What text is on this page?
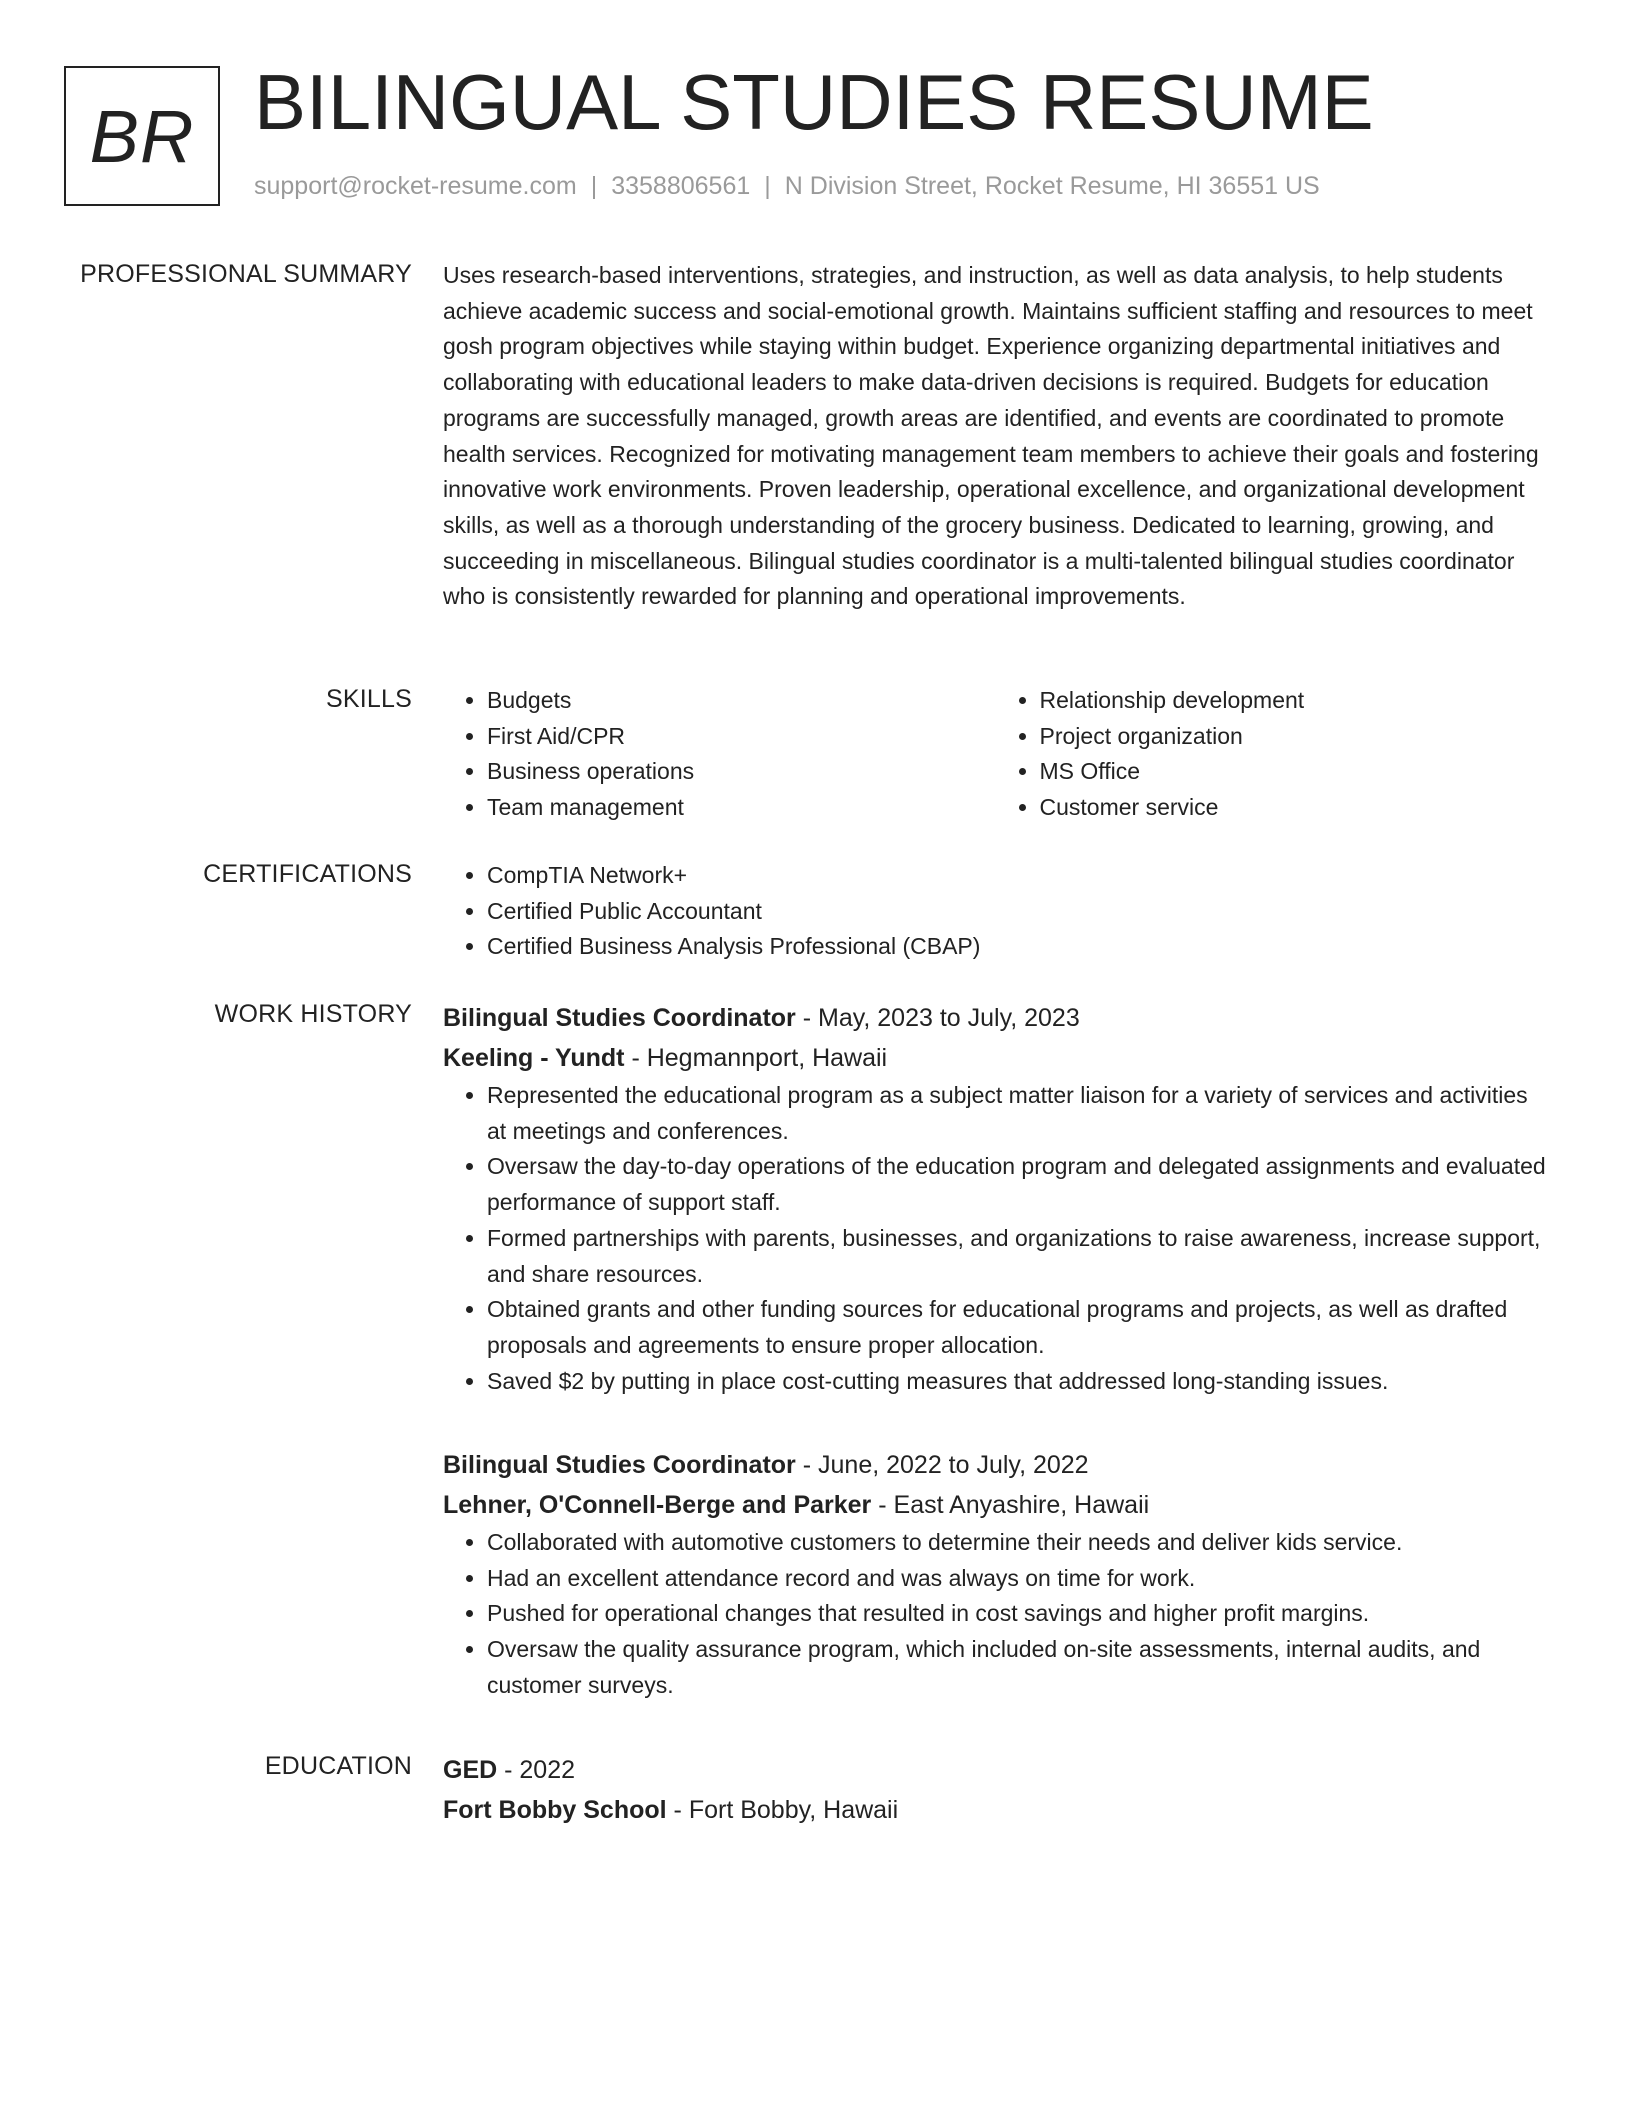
BR BILINGUAL STUDIES RESUME
support@rocket-resume.com | 3358806561 | N Division Street, Rocket Resume, HI 36551 US
PROFESSIONAL SUMMARY Uses research-based interventions, strategies, and instruction, as well as data analysis, to help students achieve academic success and social-emotional growth. Maintains sufficient staffing and resources to meet gosh program objectives while staying within budget. Experience organizing departmental initiatives and collaborating with educational leaders to make data-driven decisions is required. Budgets for education programs are successfully managed, growth areas are identified, and events are coordinated to promote health services. Recognized for motivating management team members to achieve their goals and fostering innovative work environments. Proven leadership, operational excellence, and organizational development skills, as well as a thorough understanding of the grocery business. Dedicated to learning, growing, and succeeding in miscellaneous. Bilingual studies coordinator is a multi-talented bilingual studies coordinator who is consistently rewarded for planning and operational improvements.

SKILLS	• Budgets
• First Aid/CPR
• Business operations
• Team management
• Relationship development
• Project organization
• MS Office
• Customer service
CERTIFICATIONS	• CompTIA Network+
• Certified Public Accountant
• Certified Business Analysis Professional (CBAP)
WORK HISTORY Bilingual Studies Coordinator - May, 2023 to July, 2023
Keeling - Yundt - Hegmannport, Hawaii
• Represented the educational program as a subject matter liaison for a variety of services and activities at meetings and conferences.
• Oversaw the day-to-day operations of the education program and delegated assignments and evaluated performance of support staff.
• Formed partnerships with parents, businesses, and organizations to raise awareness, increase support, and share resources.
• Obtained grants and other funding sources for educational programs and projects, as well as drafted proposals and agreements to ensure proper allocation.
• Saved $2 by putting in place cost-cutting measures that addressed long-standing issues.
Bilingual Studies Coordinator - June, 2022 to July, 2022
Lehner, O'Connell-Berge and Parker - East Anyashire, Hawaii
• Collaborated with automotive customers to determine their needs and deliver kids service.
• Had an excellent attendance record and was always on time for work.
• Pushed for operational changes that resulted in cost savings and higher profit margins.
• Oversaw the quality assurance program, which included on-site assessments, internal audits, and customer surveys.
EDUCATION GED - 2022
Fort Bobby School - Fort Bobby, Hawaii
